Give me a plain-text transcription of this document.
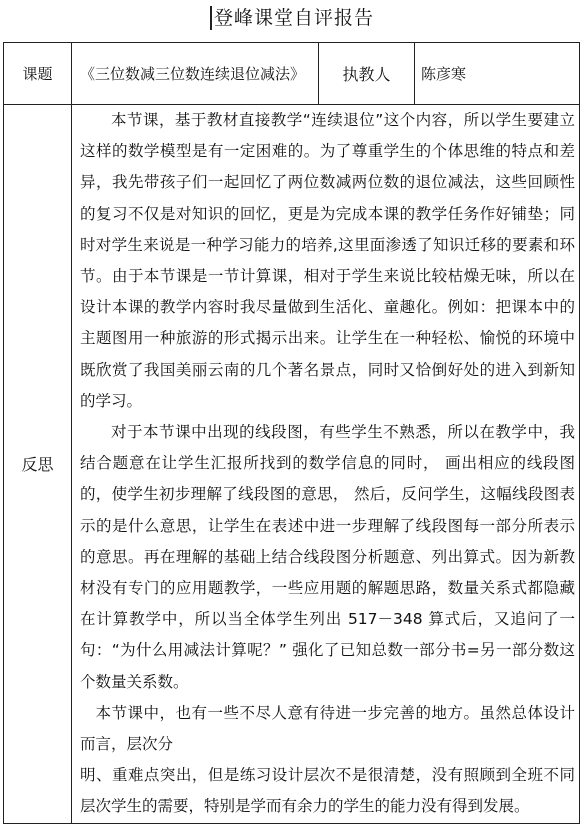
登峰课堂自评报告
课题	《三位数减三位数连续退位减法》	执教人	陈彦寒
反思	本节课，基于教材直接教学“连续退位”这个内容，所以学生要建立这样的数学模型是有一定困难的。为了尊重学生的个体思维的特点和差异，我先带孩子们一起回忆了两位数减两位数的退位减法，这些回顾性的复习不仅是对知识的回忆，更是为完成本课的教学任务作好铺垫；同时对学生来说是一种学习能力的培养,这里面渗透了知识迁移的要素和环节。由于本节课是一节计算课，相对于学生来说比较枯燥无味，所以在设计本课的教学内容时我尽量做到生活化、童趣化。例如：把课本中的主题图用一种旅游的形式揭示出来。让学生在一种轻松、愉悦的环境中既欣赏了我国美丽云南的几个著名景点，同时又恰倒好处的进入到新知的学习。

对于本节课中出现的线段图，有些学生不熟悉，所以在教学中，我结合题意在让学生汇报所找到的数学信息的同时， 画出相应的线段图的，使学生初步理解了线段图的意思， 然后，反问学生，这幅线段图表示的是什么意思，让学生在表述中进一步理解了线段图每一部分所表示的意思。再在理解的基础上结合线段图分析题意、列出算式。因为新教材没有专门的应用题教学，一些应用题的解题思路，数量关系式都隐藏在计算教学中，所以当全体学生列出 517－348 算式后，又追问了一句：“为什么用减法计算呢？” 强化了已知总数一部分书=另一部分数这个数量关系数。

本节课中，也有一些不尽人意有待进一步完善的地方。虽然总体设计而言，层次分

明、重难点突出，但是练习设计层次不是很清楚，没有照顾到全班不同层次学生的需要，特别是学而有余力的学生的能力没有得到发展。		
